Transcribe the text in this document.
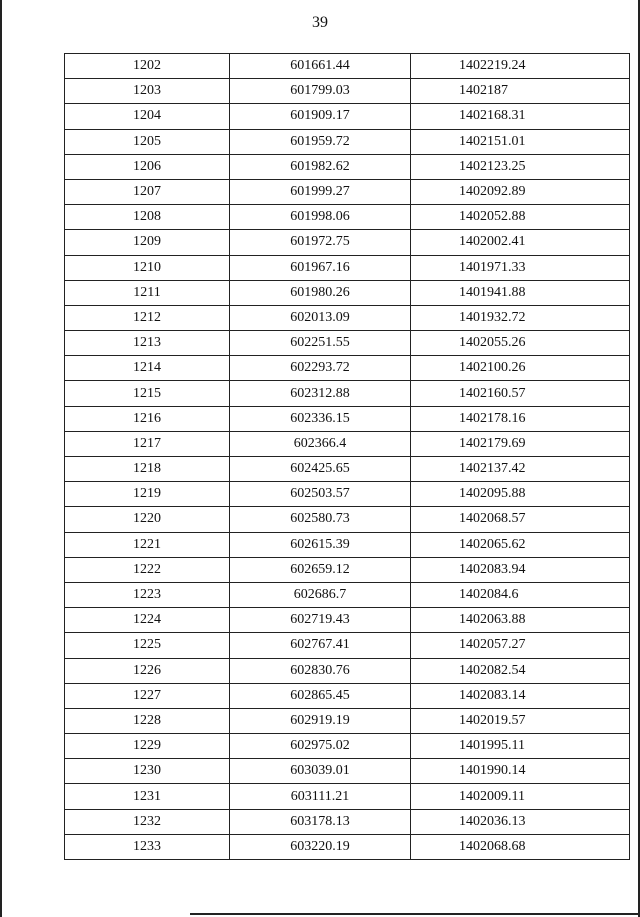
39
1202	601661.44	1402219.24
1203	601799.03	1402187
1204	601909.17	1402168.31
1205	601959.72	1402151.01
1206	601982.62	1402123.25
1207	601999.27	1402092.89
1208	601998.06	1402052.88
1209	601972.75	1402002.41
1210	601967.16	1401971.33
1211	601980.26	1401941.88
1212	602013.09	1401932.72
1213	602251.55	1402055.26
1214	602293.72	1402100.26
1215	602312.88	1402160.57
1216	602336.15	1402178.16
1217	602366.4	1402179.69
1218	602425.65	1402137.42
1219	602503.57	1402095.88
1220	602580.73	1402068.57
1221	602615.39	1402065.62
1222	602659.12	1402083.94
1223	602686.7	1402084.6
1224	602719.43	1402063.88
1225	602767.41	1402057.27
1226	602830.76	1402082.54
1227	602865.45	1402083.14
1228	602919.19	1402019.57
1229	602975.02	1401995.11
1230	603039.01	1401990.14
1231	603111.21	1402009.11
1232	603178.13	1402036.13
1233	603220.19	1402068.68
